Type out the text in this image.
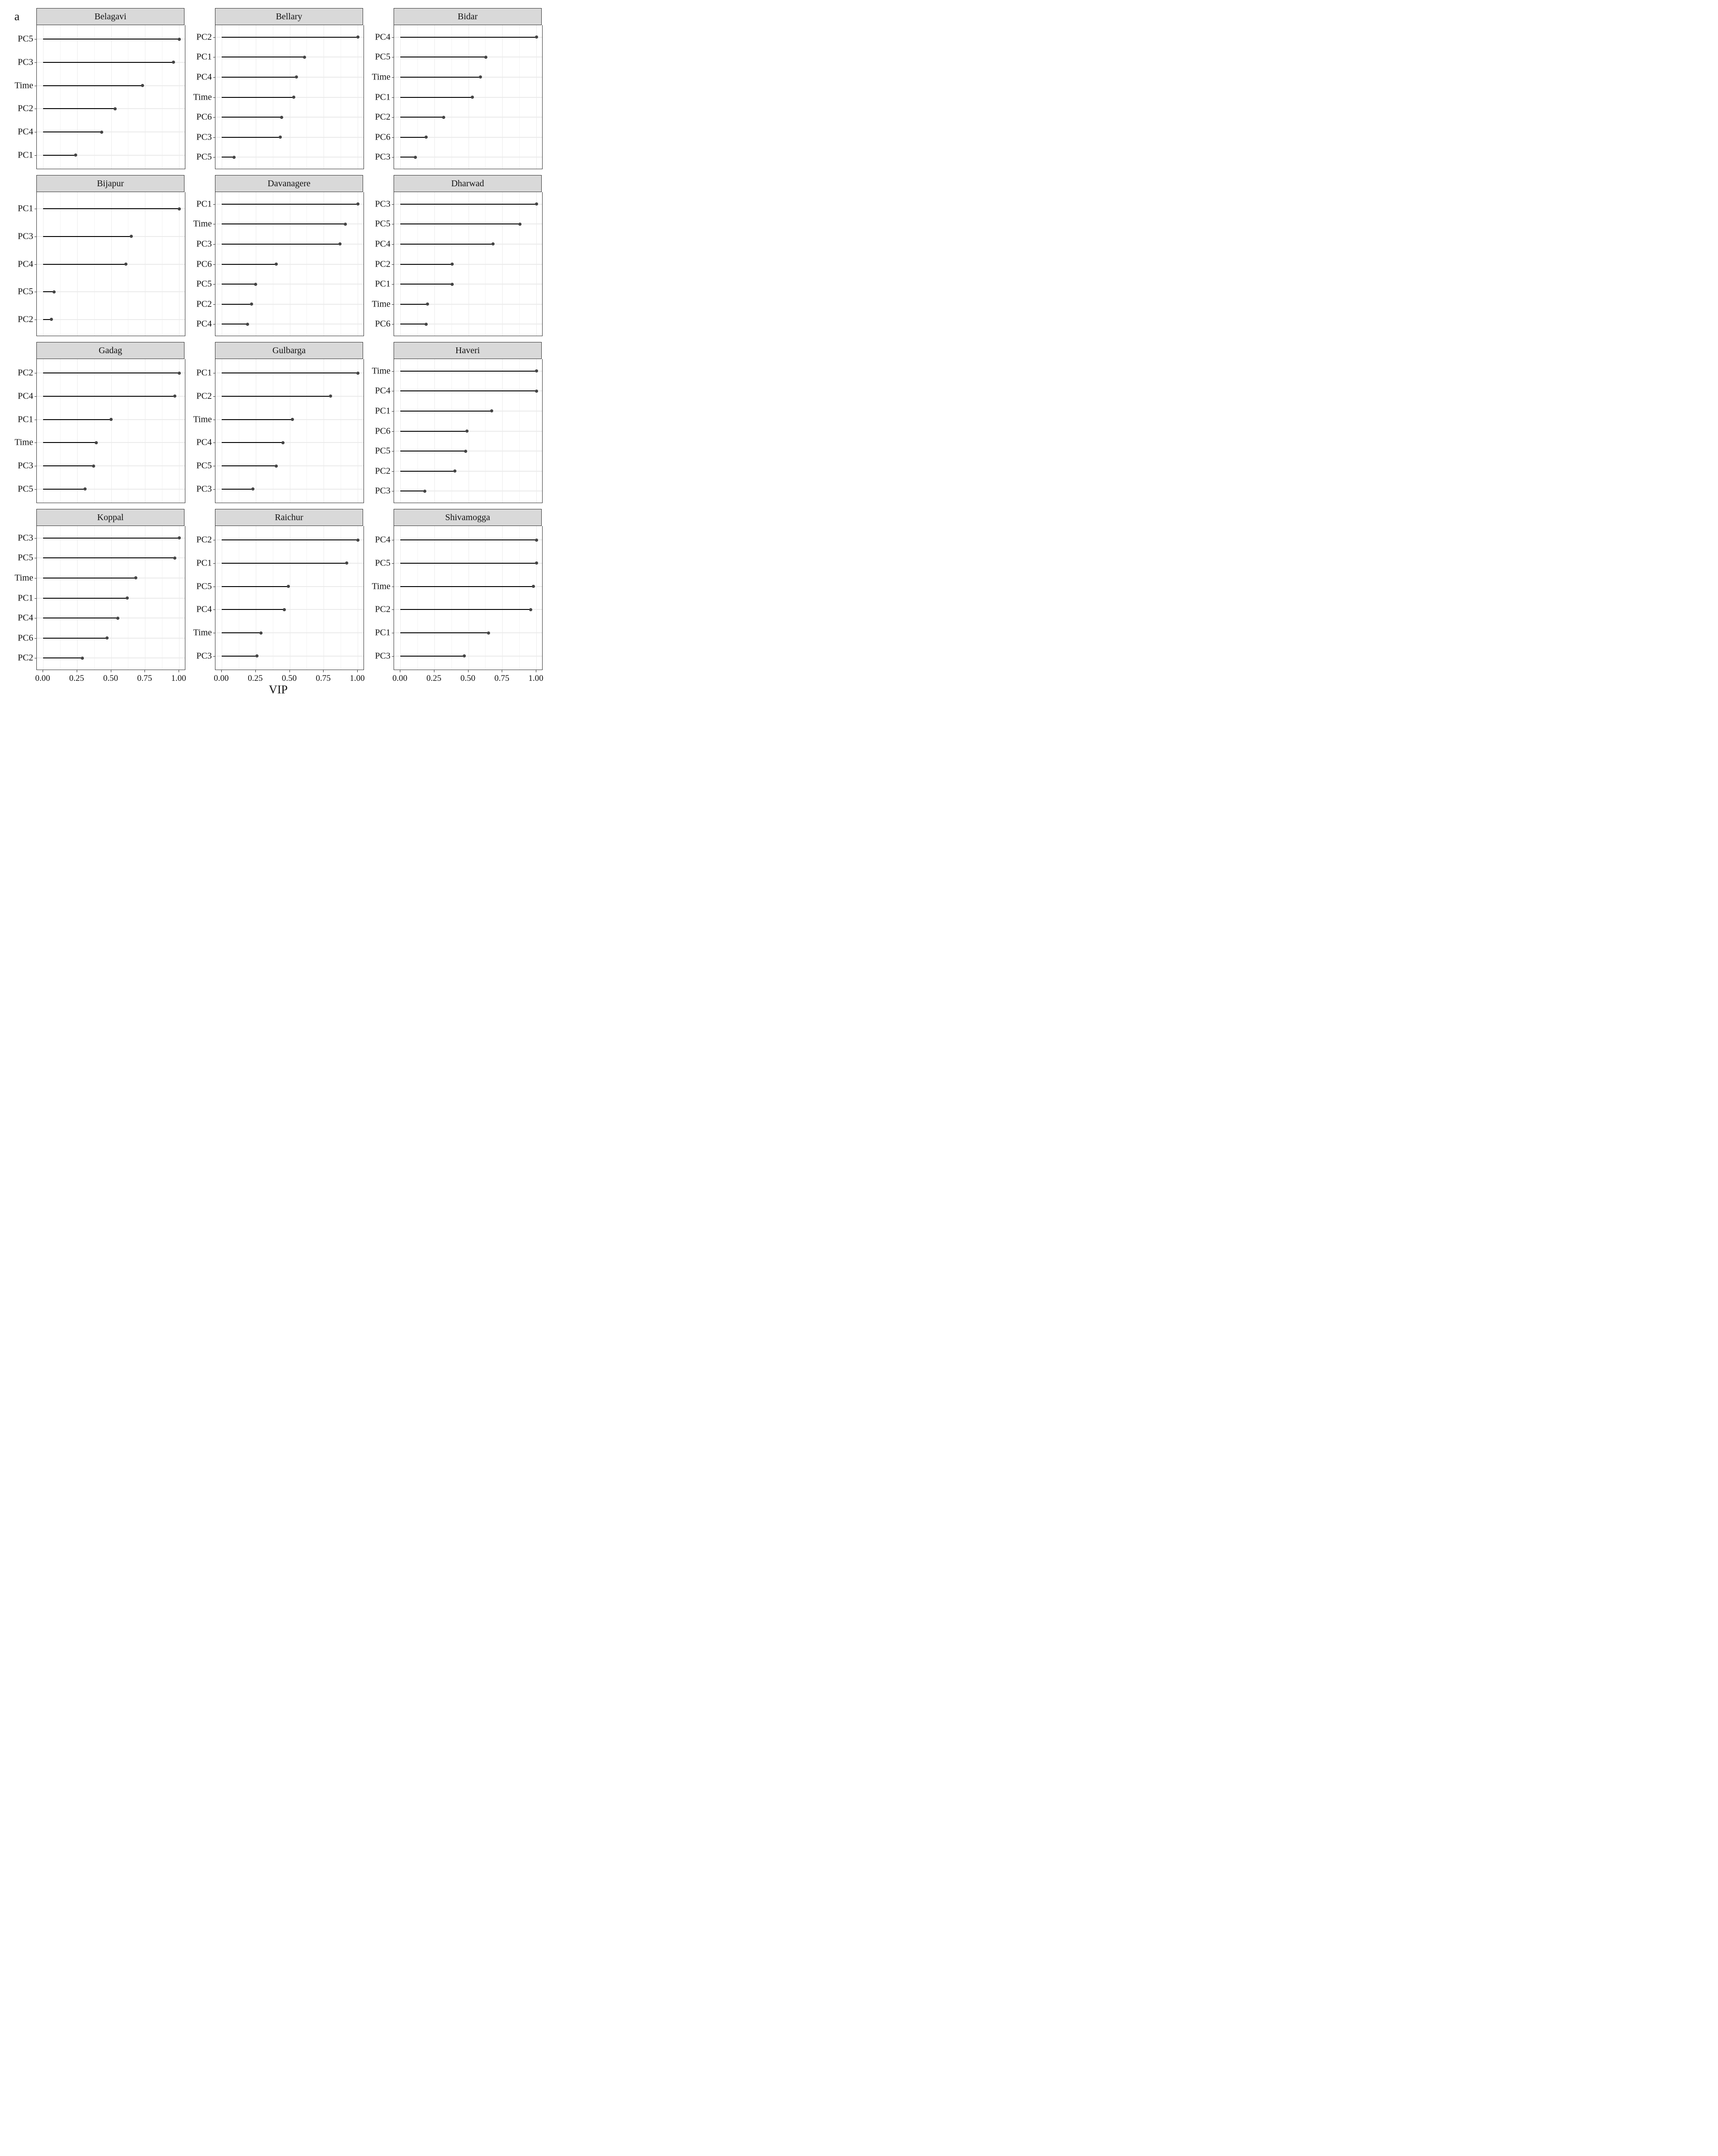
a	Belagavi
PC5
PC3
Time
PC2
PC4
PC1
Bellary
PC2
PC1
PC4
Time
PC6
PC3
PC5
Bidar
PC4
PC5
Time
PC1
PC2
PC6
PC3
Bijapur
PC1
PC3
PC4
PC5
PC2
Davanagere
PC1
Time
PC3
PC6
PC5
PC2
PC4
Dharwad
PC3
PC5
PC4
PC2
PC1
Time
PC6
Gadag
PC2
PC4
PC1
Time
PC3
PC5
Gulbarga
PC1
PC2
Time
PC4
PC5
PC3
Haveri
Time
PC4
PC1
PC6
PC5
PC2
PC3
Koppal
PC3
PC5
Time
PC1
PC4
PC6
PC2
0.00 0.25 0.50 0.75 1.00
Raichur
PC2
PC1
PC5
PC4
Time
PC3
0.00 0.25 0.50 0.75 1.00
Shivamogga
PC4
PC5
Time
PC2
PC1
PC3
0.00 0.25 0.50 0.75 1.00
VIP
